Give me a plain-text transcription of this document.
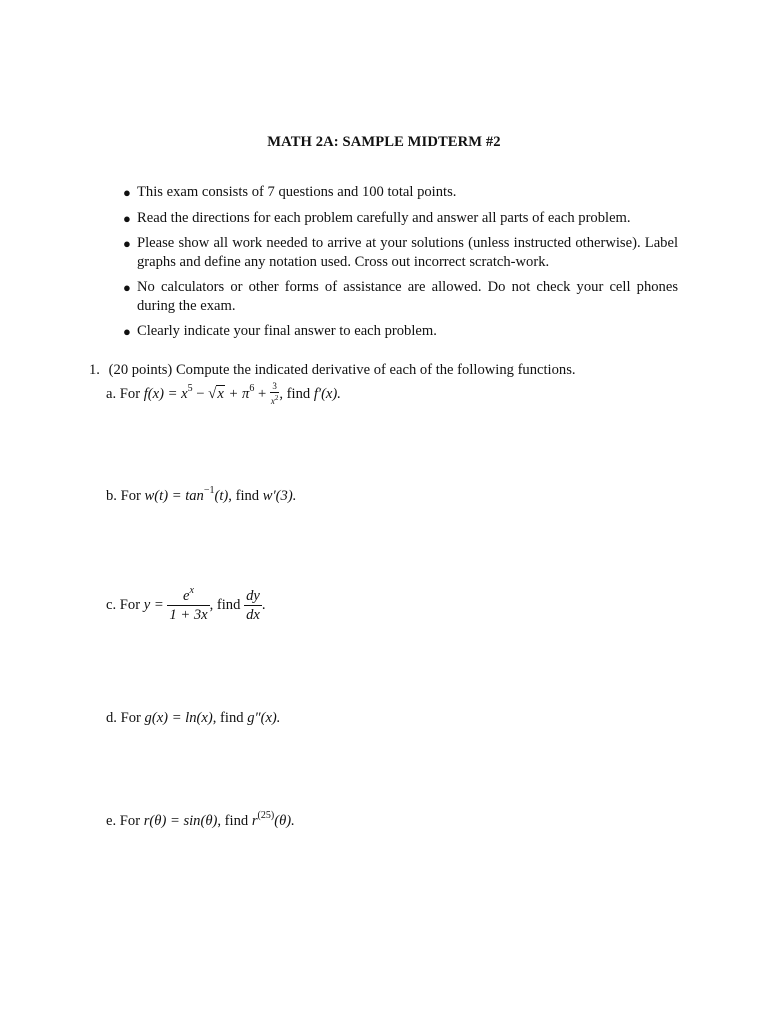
MATH 2A: SAMPLE MIDTERM #2
● This exam consists of 7 questions and 100 total points.
● Read the directions for each problem carefully and answer all parts of each problem.
● Please show all work needed to arrive at your solutions (unless instructed otherwise). Label graphs and define any notation used. Cross out incorrect scratch-work.
● No calculators or other forms of assistance are allowed. Do not check your cell phones during the exam.
● Clearly indicate your final answer to each problem.
1. (20 points) Compute the indicated derivative of each of the following functions.
a. For $f(x) = x^5 - √x + \pi^6 + \frac{3}{x^2}$ , find f′(x).
b. For $w(t) = \tan^{-1}(t)$, find w′(3).
c. For $y = \frac{e^x}{1 + 3x}$ , find $\frac{dy}{dx}$ .
d. For g(x) = ln(x), find g″(x).
e. For r(θ) = sin(θ), find $r^{(25)}(\theta)$.
